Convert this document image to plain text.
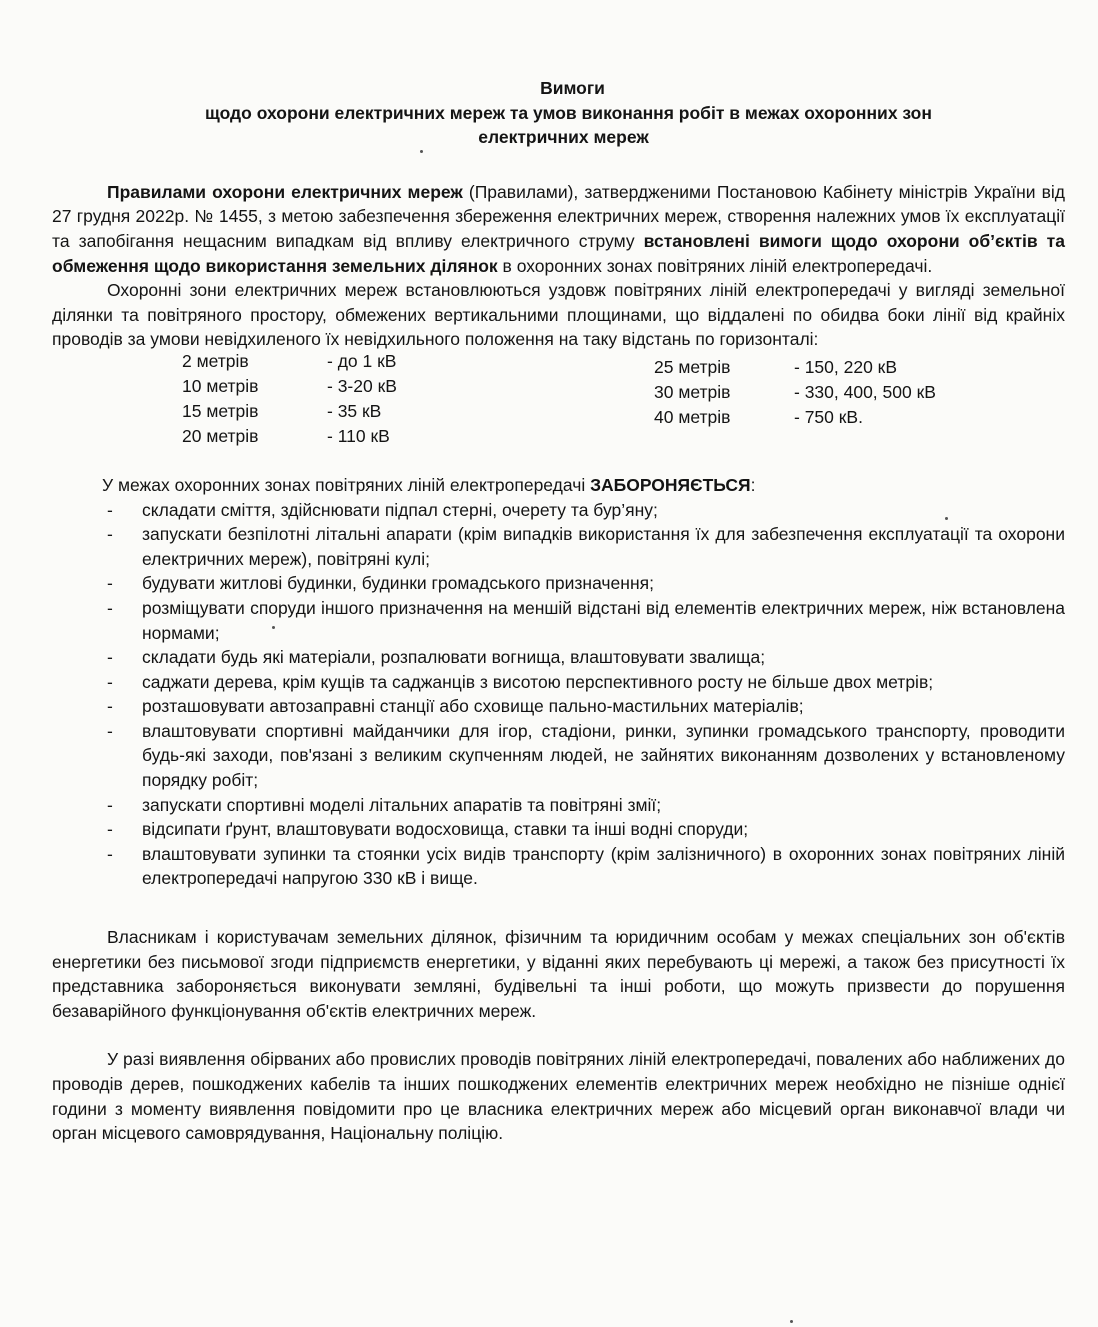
Вимоги
щодо охорони електричних мереж та умов виконання робіт в межах охоронних зон
електричних мереж

Правилами охорони електричних мереж (Правилами), затвердженими Постановою Кабінету міністрів України від 27 грудня 2022р. № 1455, з метою забезпечення збереження електричних мереж, створення належних умов їх експлуатації та запобігання нещасним випадкам від впливу електричного струму встановлені вимоги щодо охорони об’єктів та обмеження щодо використання земельних ділянок в охоронних зонах повітряних ліній електропередачі.

Охоронні зони електричних мереж встановлюються уздовж повітряних ліній електропередачі у вигляді земельної ділянки та повітряного простору, обмежених вертикальними площинами, що віддалені по обидва боки лінії від крайніх проводів за умови невідхиленого їх невідхильного положення на таку відстань по горизонталі:

2 метрів	- до 1 кВ
10 метрів	- 3-20 кВ
15 метрів	- 35 кВ
20 метрів	- 110 кВ
25 метрів	- 150, 220 кВ
30 метрів	- 330, 400, 500 кВ
40 метрів	- 750 кВ.

У межах охоронних зонах повітряних ліній електропередачі ЗАБОРОНЯЄТЬСЯ:

- складати сміття, здійснювати підпал стерні, очерету та бур’яну;
- запускати безпілотні літальні апарати (крім випадків використання їх для забезпечення експлуатації та охорони електричних мереж), повітряні кулі;
- будувати житлові будинки, будинки громадського призначення;
- розміщувати споруди іншого призначення на меншій відстані від елементів електричних мереж, ніж встановлена нормами;
- складати будь які матеріали, розпалювати вогнища, влаштовувати звалища;
- саджати дерева, крім кущів та саджанців з висотою перспективного росту не більше двох метрів;
- розташовувати автозаправні станції або сховище пально-мастильних матеріалів;
- влаштовувати спортивні майданчики для ігор, стадіони, ринки, зупинки громадського транспорту, проводити будь-які заходи, пов'язані з великим скупченням людей, не зайнятих виконанням дозволених у встановленому порядку робіт;
- запускати спортивні моделі літальних апаратів та повітряні змії;
- відсипати ґрунт, влаштовувати водосховища, ставки та інші водні споруди;
- влаштовувати зупинки та стоянки усіх видів транспорту (крім залізничного) в охоронних зонах повітряних ліній електропередачі напругою 330 кВ і вище.

Власникам і користувачам земельних ділянок, фізичним та юридичним особам у межах спеціальних зон об'єктів енергетики без письмової згоди підприємств енергетики, у віданні яких перебувають ці мережі, а також без присутності їх представника забороняється виконувати земляні, будівельні та інші роботи, що можуть призвести до порушення безаварійного функціонування об'єктів електричних мереж.

У разі виявлення обірваних або провислих проводів повітряних ліній електропередачі, повалених або наближених до проводів дерев, пошкоджених кабелів та інших пошкоджених елементів електричних мереж необхідно не пізніше однієї години з моменту виявлення повідомити про це власника електричних мереж або місцевий орган виконавчої влади чи орган місцевого самоврядування, Національну поліцію.
